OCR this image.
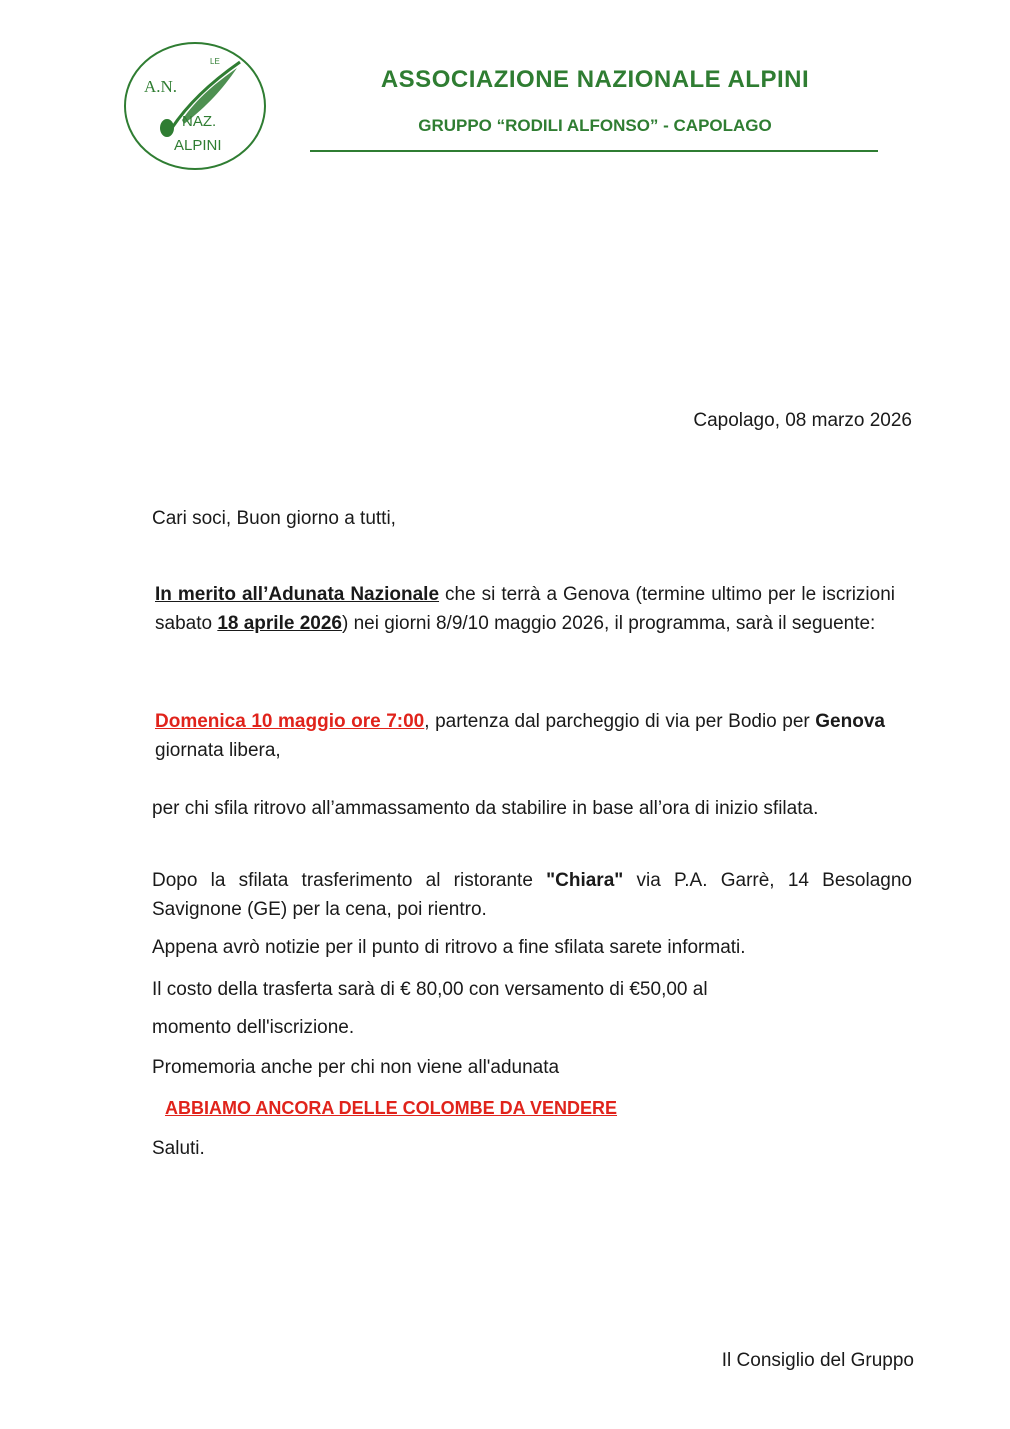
A.N.
NAZ.
ALPINI
LE
ASSOCIAZIONE NAZIONALE ALPINI
GRUPPO “RODILI ALFONSO” - CAPOLAGO
Capolago, 08 marzo 2026
Cari soci, Buon giorno a tutti,
In merito all’Adunata Nazionale che si terrà a Genova (termine ultimo per le iscrizioni sabato 18 aprile 2026) nei giorni 8/9/10 maggio 2026, il programma, sarà il seguente:
Domenica 10 maggio ore 7:00, partenza dal parcheggio di via per Bodio per Genova giornata libera,
per chi sfila ritrovo all’ammassamento da stabilire in base all’ora di inizio sfilata.
Dopo la sfilata trasferimento al ristorante "Chiara" via P.A. Garrè, 14 Besolagno Savignone (GE) per la cena, poi rientro.
Appena avrò notizie per il punto di ritrovo a fine sfilata sarete informati.
Il costo della trasferta sarà di € 80,00 con versamento di €50,00 al
momento dell'iscrizione.
Promemoria anche per chi non viene all'adunata
ABBIAMO ANCORA DELLE COLOMBE DA VENDERE
Saluti.
Il Consiglio del Gruppo
